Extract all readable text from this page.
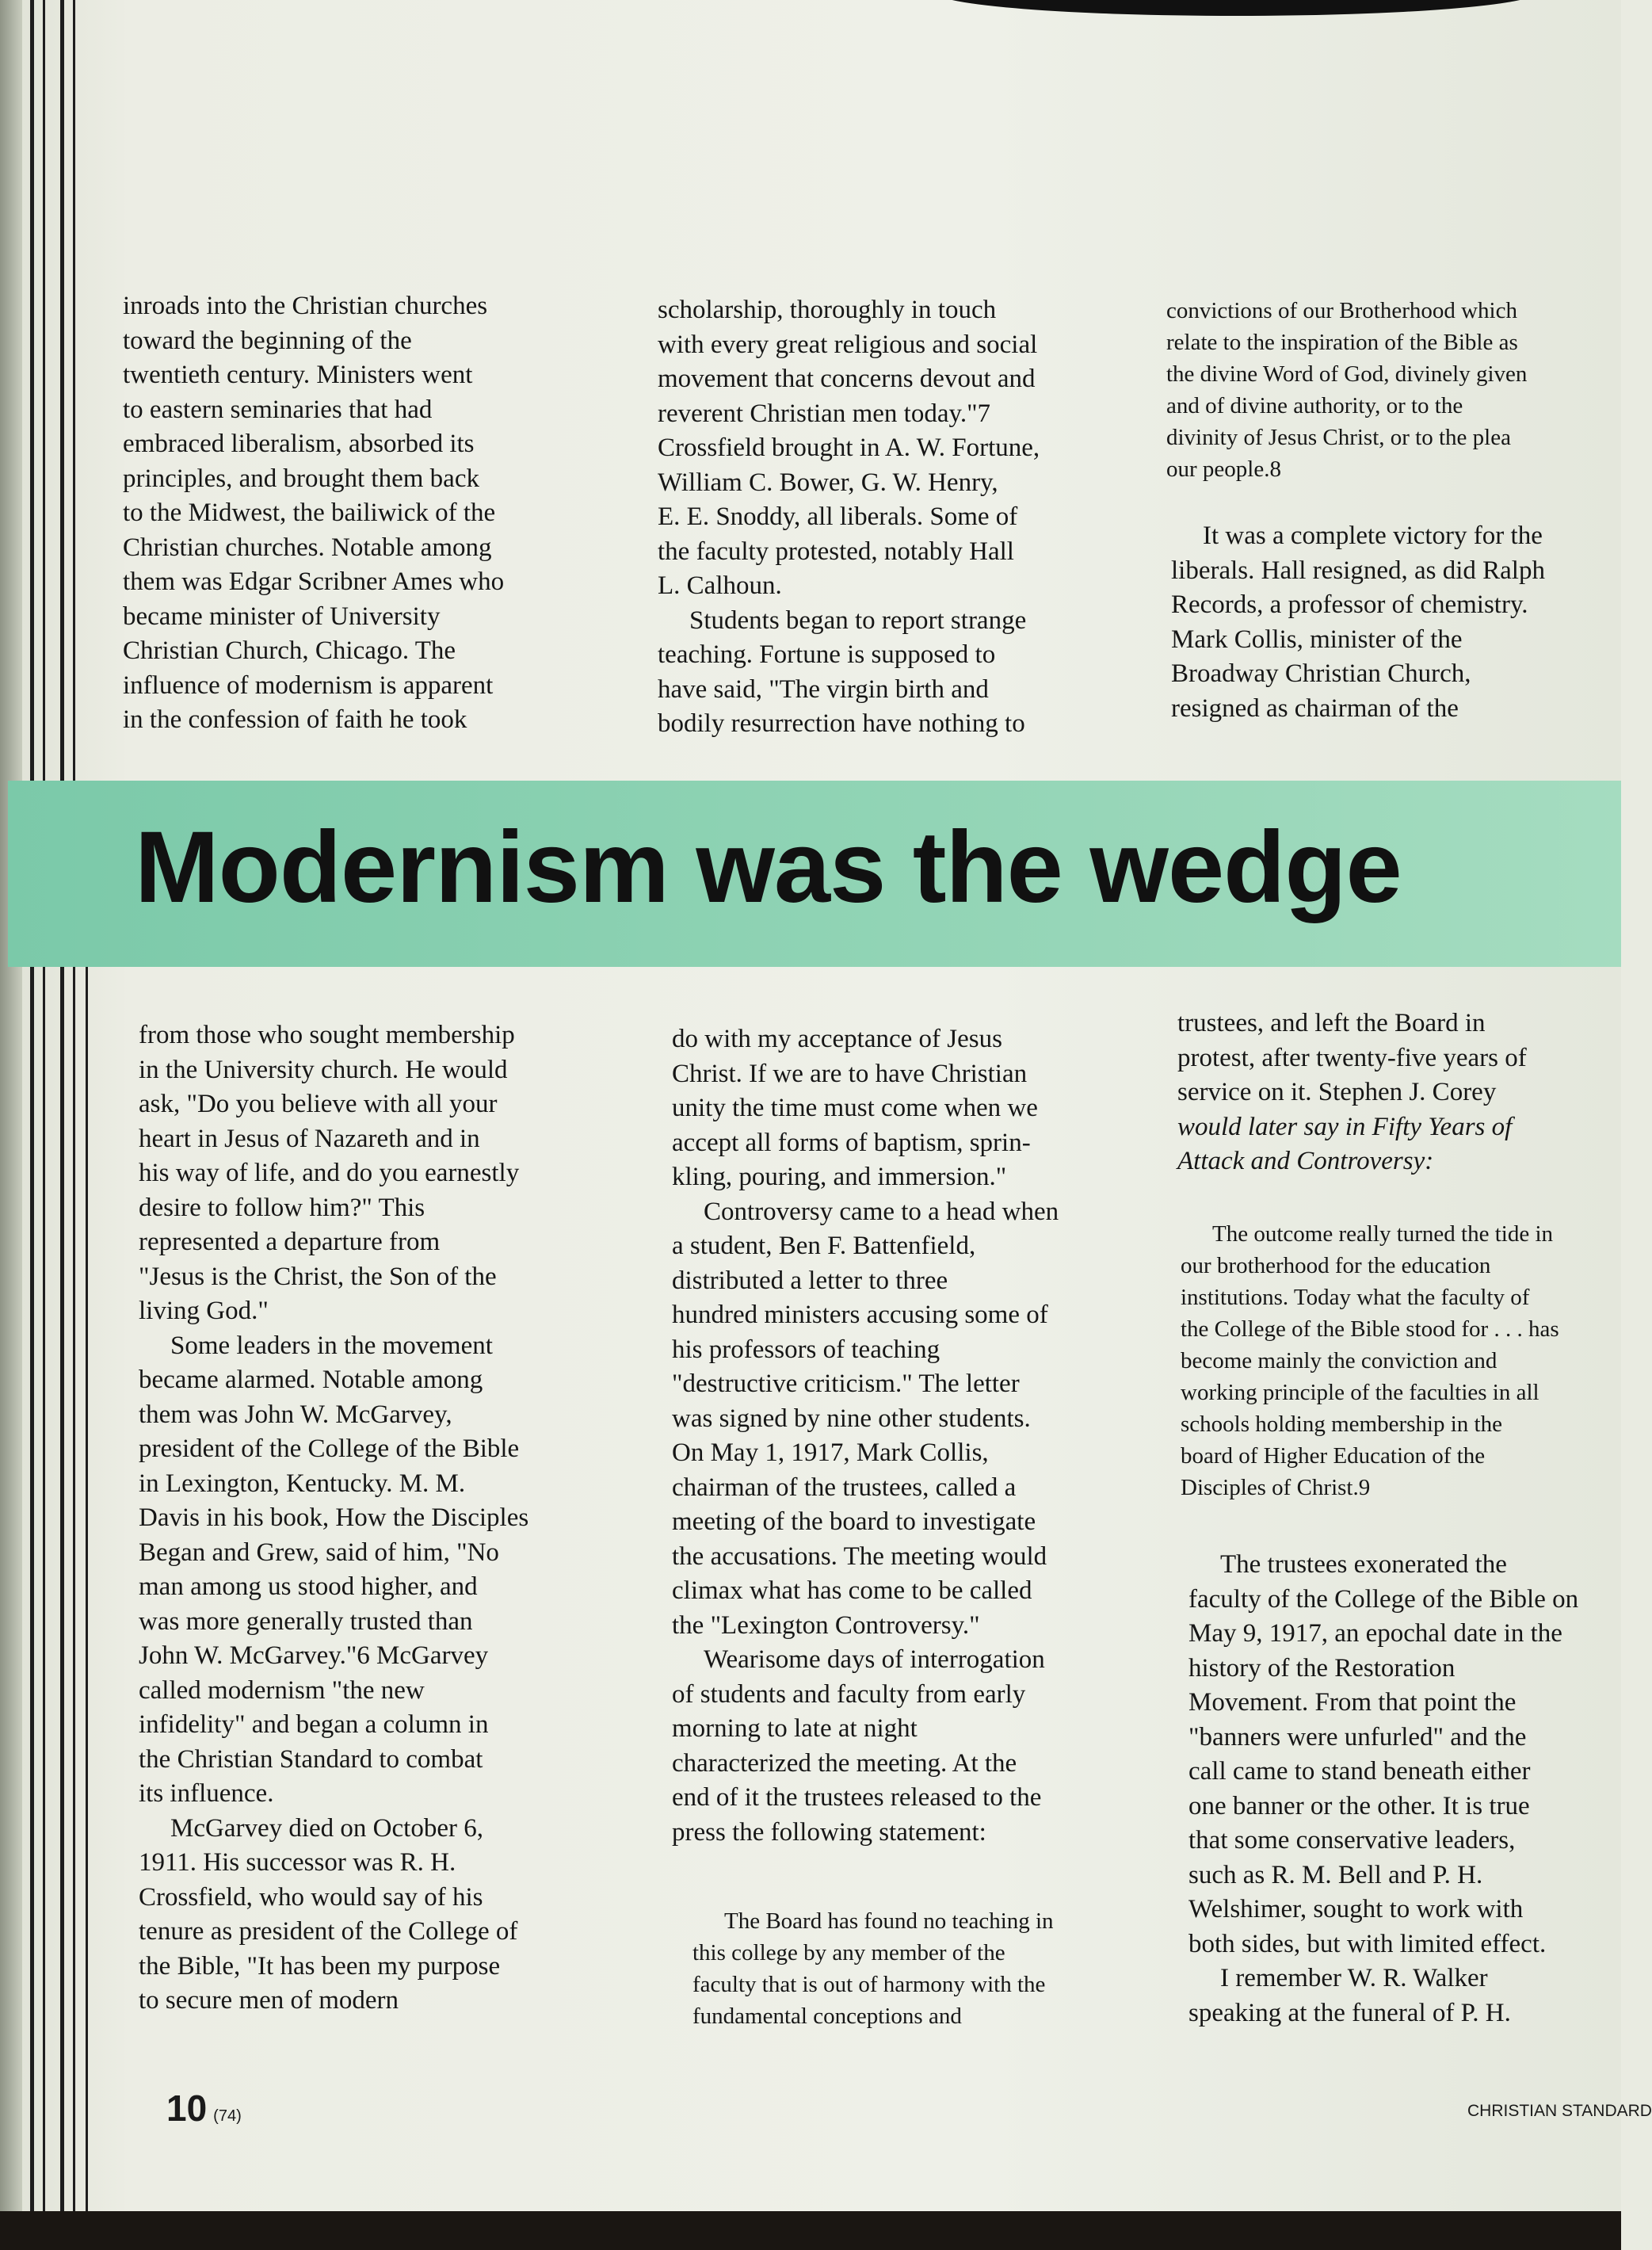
inroads into the Christian churches

toward the beginning of the

twentieth century. Ministers went

to eastern seminaries that had

embraced liberalism, absorbed its

principles, and brought them back

to the Midwest, the bailiwick of the

Christian churches. Notable among

them was Edgar Scribner Ames who

became minister of University

Christian Church, Chicago. The

influence of modernism is apparent

in the confession of faith he took

scholarship, thoroughly in touch

with every great religious and social

movement that concerns devout and

reverent Christian men today."7

Crossfield brought in A. W. Fortune,

William C. Bower, G. W. Henry,

E. E. Snoddy, all liberals. Some of

the faculty protested, notably Hall

L. Calhoun.

Students began to report strange

teaching. Fortune is supposed to

have said, "The virgin birth and

bodily resurrection have nothing to

convictions of our Brotherhood which

relate to the inspiration of the Bible as

the divine Word of God, divinely given

and of divine authority, or to the

divinity of Jesus Christ, or to the plea

our people.8

It was a complete victory for the

liberals. Hall resigned, as did Ralph

Records, a professor of chemistry.

Mark Collis, minister of the

Broadway Christian Church,

resigned as chairman of the

Modernism was the wedge

from those who sought membership

in the University church. He would

ask, "Do you believe with all your

heart in Jesus of Nazareth and in

his way of life, and do you earnestly

desire to follow him?" This

represented a departure from

"Jesus is the Christ, the Son of the

living God."

Some leaders in the movement

became alarmed. Notable among

them was John W. McGarvey,

president of the College of the Bible

in Lexington, Kentucky. M. M.

Davis in his book, How the Disciples

Began and Grew, said of him, "No

man among us stood higher, and

was more generally trusted than

John W. McGarvey."6 McGarvey

called modernism "the new

infidelity" and began a column in

the Christian Standard to combat

its influence.

McGarvey died on October 6,

1911. His successor was R. H.

Crossfield, who would say of his

tenure as president of the College of

the Bible, "It has been my purpose

to secure men of modern

do with my acceptance of Jesus

Christ. If we are to have Christian

unity the time must come when we

accept all forms of baptism, sprin-

kling, pouring, and immersion."

Controversy came to a head when

a student, Ben F. Battenfield,

distributed a letter to three

hundred ministers accusing some of

his professors of teaching

"destructive criticism." The letter

was signed by nine other students.

On May 1, 1917, Mark Collis,

chairman of the trustees, called a

meeting of the board to investigate

the accusations. The meeting would

climax what has come to be called

the "Lexington Controversy."

Wearisome days of interrogation

of students and faculty from early

morning to late at night

characterized the meeting. At the

end of it the trustees released to the

press the following statement:

The Board has found no teaching in

this college by any member of the

faculty that is out of harmony with the

fundamental conceptions and

trustees, and left the Board in

protest, after twenty-five years of

service on it. Stephen J. Corey

would later say in Fifty Years of

Attack and Controversy:

The outcome really turned the tide in

our brotherhood for the education

institutions. Today what the faculty of

the College of the Bible stood for . . . has

become mainly the conviction and

working principle of the faculties in all

schools holding membership in the

board of Higher Education of the

Disciples of Christ.9

The trustees exonerated the

faculty of the College of the Bible on

May 9, 1917, an epochal date in the

history of the Restoration

Movement. From that point the

"banners were unfurled" and the

call came to stand beneath either

one banner or the other. It is true

that some conservative leaders,

such as R. M. Bell and P. H.

Welshimer, sought to work with

both sides, but with limited effect.

I remember W. R. Walker

speaking at the funeral of P. H.

10 (74)	CHRISTIAN STANDARD
